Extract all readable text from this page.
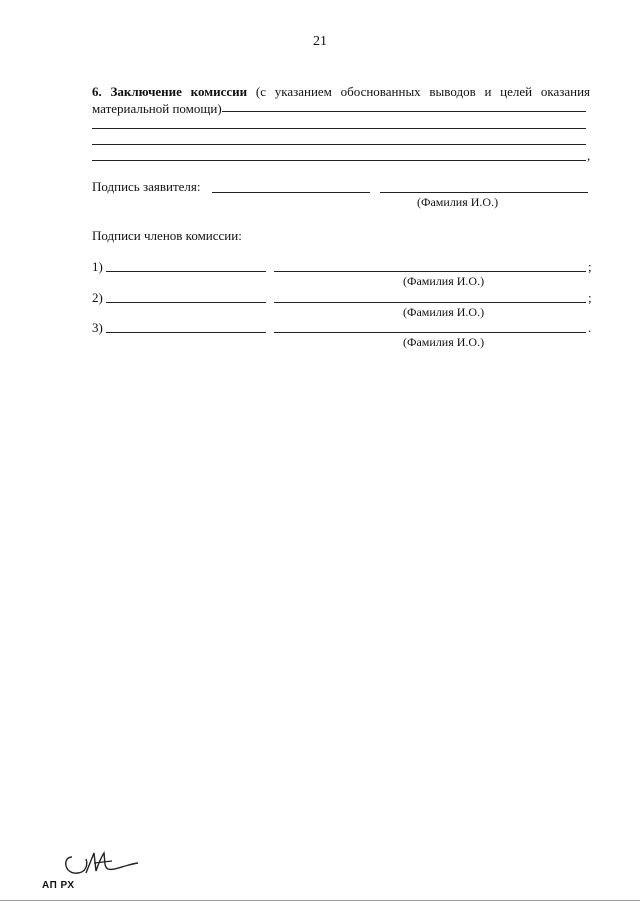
21
6. Заключение комиссии (с указанием обоснованных выводов и целей оказания
материальной помощи)
,
Подпись заявителя:
(Фамилия И.О.)
Подписи членов комиссии:
1)	;
(Фамилия И.О.)
2)	;
(Фамилия И.О.)
3)	.
(Фамилия И.О.)
АП РХ
